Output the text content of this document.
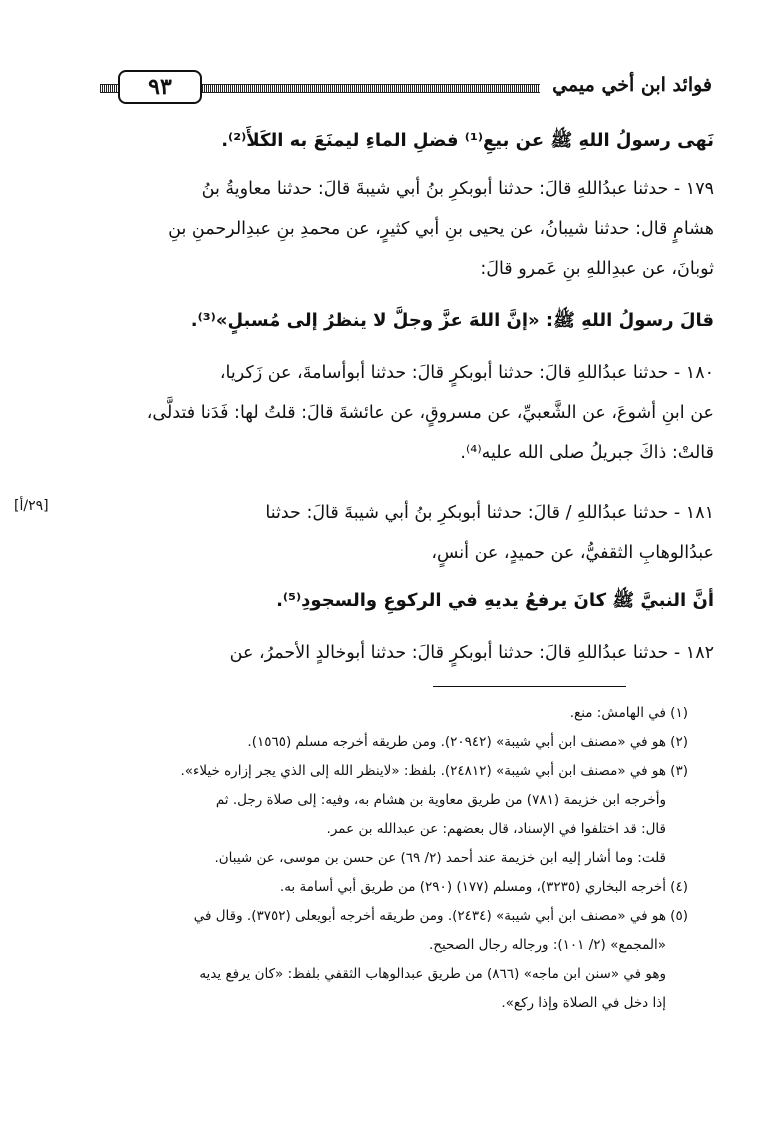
٩٣	فوائد ابن أخي ميمي
نَهى رسولُ اللهِ ﷺ عن بيعِ⁽¹⁾ فضلِ الماءِ ليمنَعَ به الكَلأَ⁽²⁾.
١٧٩ - حدثنا عبدُاللهِ قالَ: حدثنا أبوبكرِ بنُ أبي شيبةَ قالَ: حدثنا معاويةُ بنُ
هشامٍ قال: حدثنا شيبانُ، عن يحيى بنِ أبي كثيرٍ، عن محمدِ بنِ عبدِالرحمنِ بنِ
ثوبانَ، عن عبدِاللهِ بنِ عَمرو قالَ:
قالَ رسولُ اللهِ ﷺ: «إنَّ اللهَ عزَّ وجلَّ لا ينظرُ إلى مُسبلٍ»⁽³⁾.
١٨٠ - حدثنا عبدُاللهِ قالَ: حدثنا أبوبكرٍ قالَ: حدثنا أبوأسامةَ، عن زَكريا،
عن ابنِ أشوعَ، عن الشَّعبيِّ، عن مسروقٍ، عن عائشةَ قالَ: قلتُ لها: فَدَنا فتدلَّى،
قالتْ: ذاكَ جبريلُ صلى الله عليه⁽⁴⁾.
١٨١ - حدثنا عبدُاللهِ / قالَ: حدثنا أبوبكرِ بنُ أبي شيبةَ قالَ: حدثنا
عبدُالوهابِ الثقفيُّ، عن حميدٍ، عن أنسٍ،
أنَّ النبيَّ ﷺ كانَ يرفعُ يديهِ في الركوعِ والسجودِ⁽⁵⁾.
١٨٢ - حدثنا عبدُاللهِ قالَ: حدثنا أبوبكرٍ قالَ: حدثنا أبوخالدٍ الأحمرُ، عن
[٢٩/أ]
(١)في الهامش: منع.
(٢)هو في «مصنف ابن أبي شيبة» (٢٠٩٤٢). ومن طريقه أخرجه مسلم (١٥٦٥).
(٣)هو في «مصنف ابن أبي شيبة» (٢٤٨١٢). بلفظ: «لاينظر الله إلى الذي يجر إزاره خيلاء».
وأخرجه ابن خزيمة (٧٨١) من طريق معاوية بن هشام به، وفيه: إلى صلاة رجل. ثم
قال: قد اختلفوا في الإسناد، قال بعضهم: عن عبدالله بن عمر.
قلت: وما أشار إليه ابن خزيمة عند أحمد (٢/ ٦٩) عن حسن بن موسى، عن شيبان.
(٤)أخرجه البخاري (٣٢٣٥)، ومسلم (١٧٧) (٢٩٠) من طريق أبي أسامة به.
(٥)هو في «مصنف ابن أبي شيبة» (٢٤٣٤). ومن طريقه أخرجه أبويعلى (٣٧٥٢). وقال في
«المجمع» (٢/ ١٠١): ورجاله رجال الصحيح.
وهو في «سنن ابن ماجه» (٨٦٦) من طريق عبدالوهاب الثقفي بلفظ: «كان يرفع يديه
إذا دخل في الصلاة وإذا ركع».
